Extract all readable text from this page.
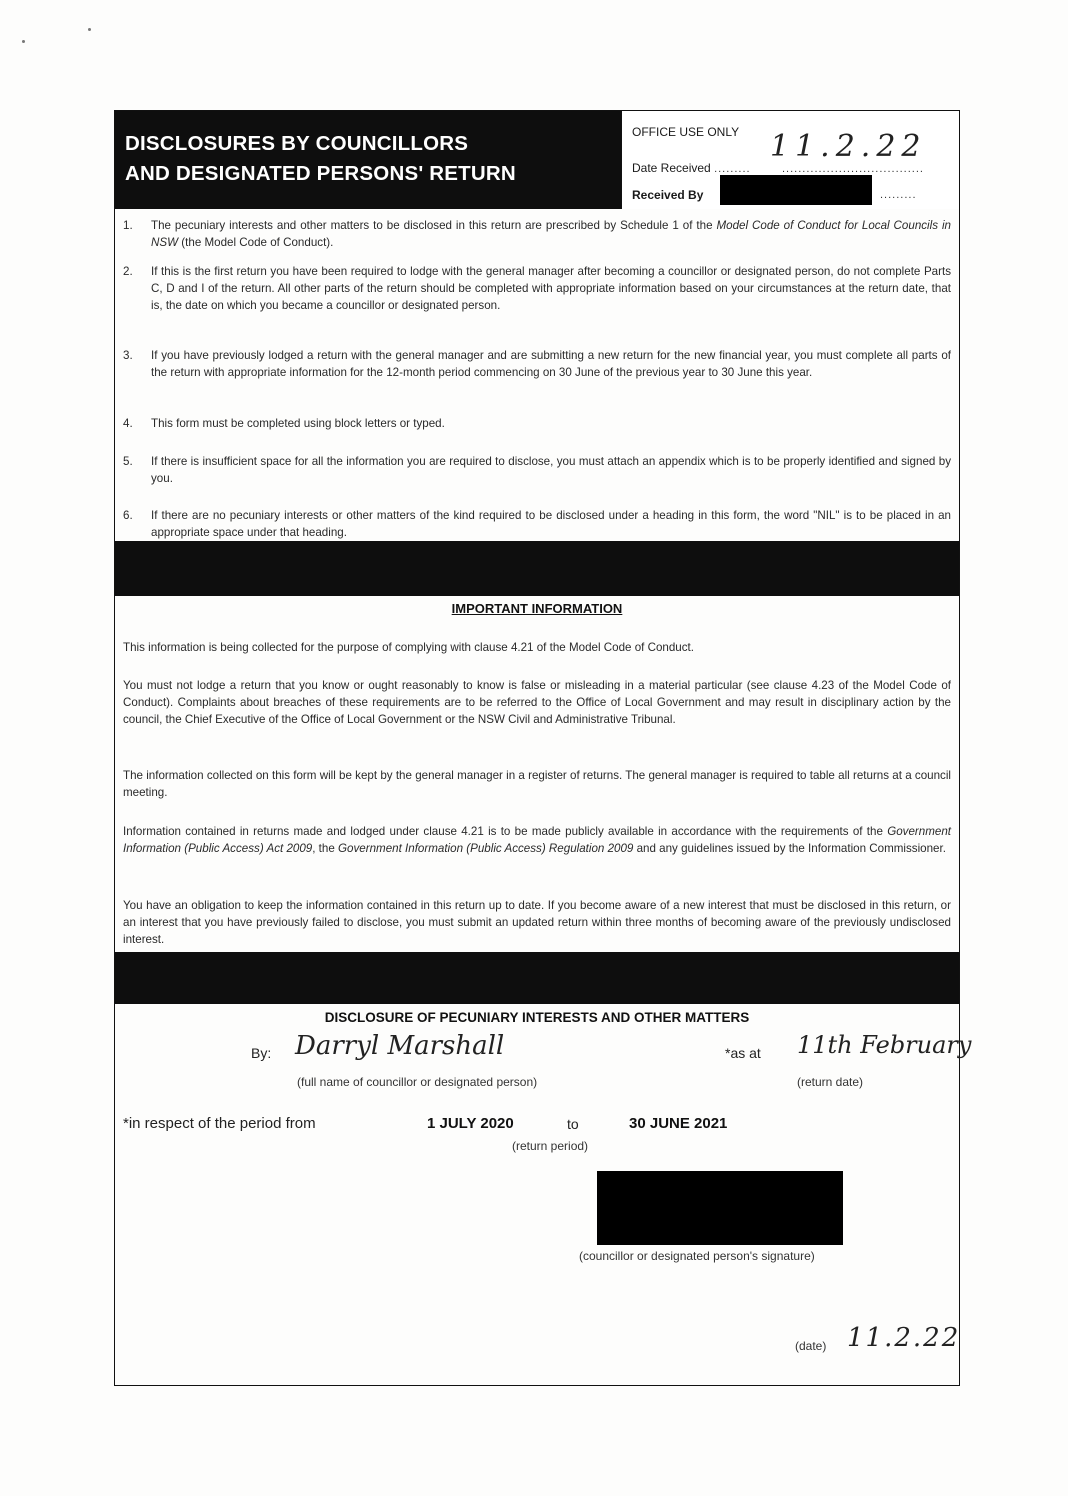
DISCLOSURES BY COUNCILLORS
AND DESIGNATED PERSONS' RETURN
OFFICE USE ONLY
Date Received .........
11.2.22
...................................
Received By	.........
1. The pecuniary interests and other matters to be disclosed in this return are prescribed by Schedule 1 of the Model Code of Conduct for Local Councils in NSW (the Model Code of Conduct).
2. If this is the first return you have been required to lodge with the general manager after becoming a councillor or designated person, do not complete Parts C, D and I of the return. All other parts of the return should be completed with appropriate information based on your circumstances at the return date, that is, the date on which you became a councillor or designated person.
3. If you have previously lodged a return with the general manager and are submitting a new return for the new financial year, you must complete all parts of the return with appropriate information for the 12-month period commencing on 30 June of the previous year to 30 June this year.
4. This form must be completed using block letters or typed.
5. If there is insufficient space for all the information you are required to disclose, you must attach an appendix which is to be properly identified and signed by you.
6. If there are no pecuniary interests or other matters of the kind required to be disclosed under a heading in this form, the word "NIL" is to be placed in an appropriate space under that heading.
IMPORTANT INFORMATION
This information is being collected for the purpose of complying with clause 4.21 of the Model Code of Conduct.
You must not lodge a return that you know or ought reasonably to know is false or misleading in a material particular (see clause 4.23 of the Model Code of Conduct). Complaints about breaches of these requirements are to be referred to the Office of Local Government and may result in disciplinary action by the council, the Chief Executive of the Office of Local Government or the NSW Civil and Administrative Tribunal.
The information collected on this form will be kept by the general manager in a register of returns. The general manager is required to table all returns at a council meeting.
Information contained in returns made and lodged under clause 4.21 is to be made publicly available in accordance with the requirements of the Government Information (Public Access) Act 2009, the Government Information (Public Access) Regulation 2009 and any guidelines issued by the Information Commissioner.
You have an obligation to keep the information contained in this return up to date. If you become aware of a new interest that must be disclosed in this return, or an interest that you have previously failed to disclose, you must submit an updated return within three months of becoming aware of the previously undisclosed interest.
DISCLOSURE OF PECUNIARY INTERESTS AND OTHER MATTERS
By: Darryl Marshall
(full name of councillor or designated person)
*as at 11th February
(return date)
*in respect of the period from	1 JULY 2020	to	30 JUNE 2021
(return period)
(councillor or designated person's signature)
(date) 11.2.22
